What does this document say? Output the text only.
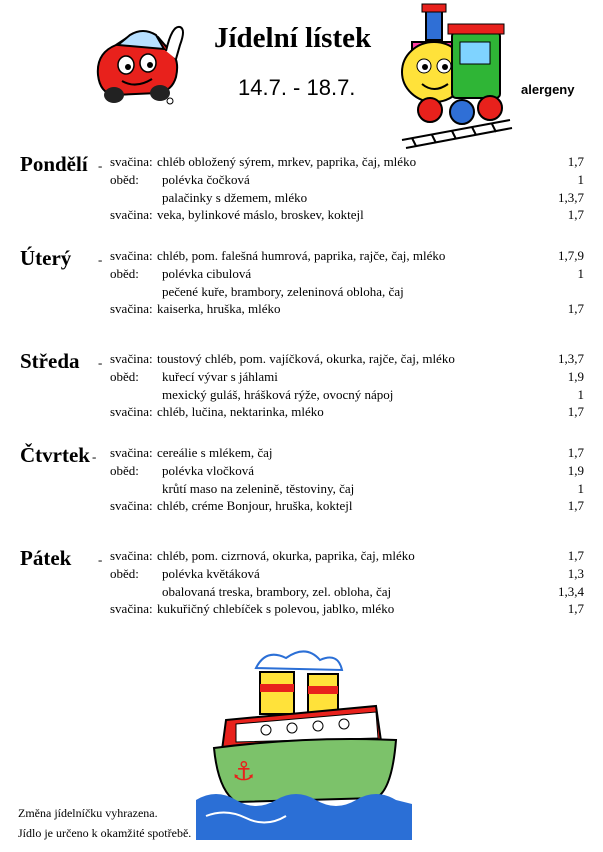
Jídelní lístek
14.7. - 18.7.	alergeny
Pondělí - svačina: chléb obložený sýrem, mrkev, paprika, čaj, mléko	1,7
oběd: polévka čočková	1
palačinky s džemem, mléko	1,3,7
svačina: veka, bylinkové máslo, broskev, koktejl	1,7
Úterý - svačina: chléb, pom. falešná humrová, paprika, rajče, čaj, mléko	1,7,9
oběd: polévka cibulová	1
pečené kuře, brambory, zeleninová obloha, čaj
svačina: kaiserka, hruška, mléko	1,7
Středa - svačina: toustový chléb, pom. vajíčková, okurka, rajče, čaj, mléko	1,3,7
oběd: kuřecí vývar s jáhlami	1,9
mexický guláš, hrášková rýže, ovocný nápoj	1
svačina: chléb, lučina, nektarinka, mléko	1,7
Čtvrtek - svačina: cereálie s mlékem, čaj	1,7
oběd: polévka vločková	1,9
krůtí maso na zelenině, těstoviny, čaj	1
svačina: chléb, créme Bonjour, hruška, koktejl	1,7
Pátek - svačina: chléb, pom. cizrnová, okurka, paprika, čaj, mléko	1,7
oběd: polévka květáková	1,3
obalovaná treska, brambory, zel. obloha, čaj	1,3,4
svačina: kukuřičný chlebíček s polevou, jablko, mléko	1,7
⚓
Změna jídelníčku vyhrazena.
Jídlo je určeno k okamžité spotřebě.
